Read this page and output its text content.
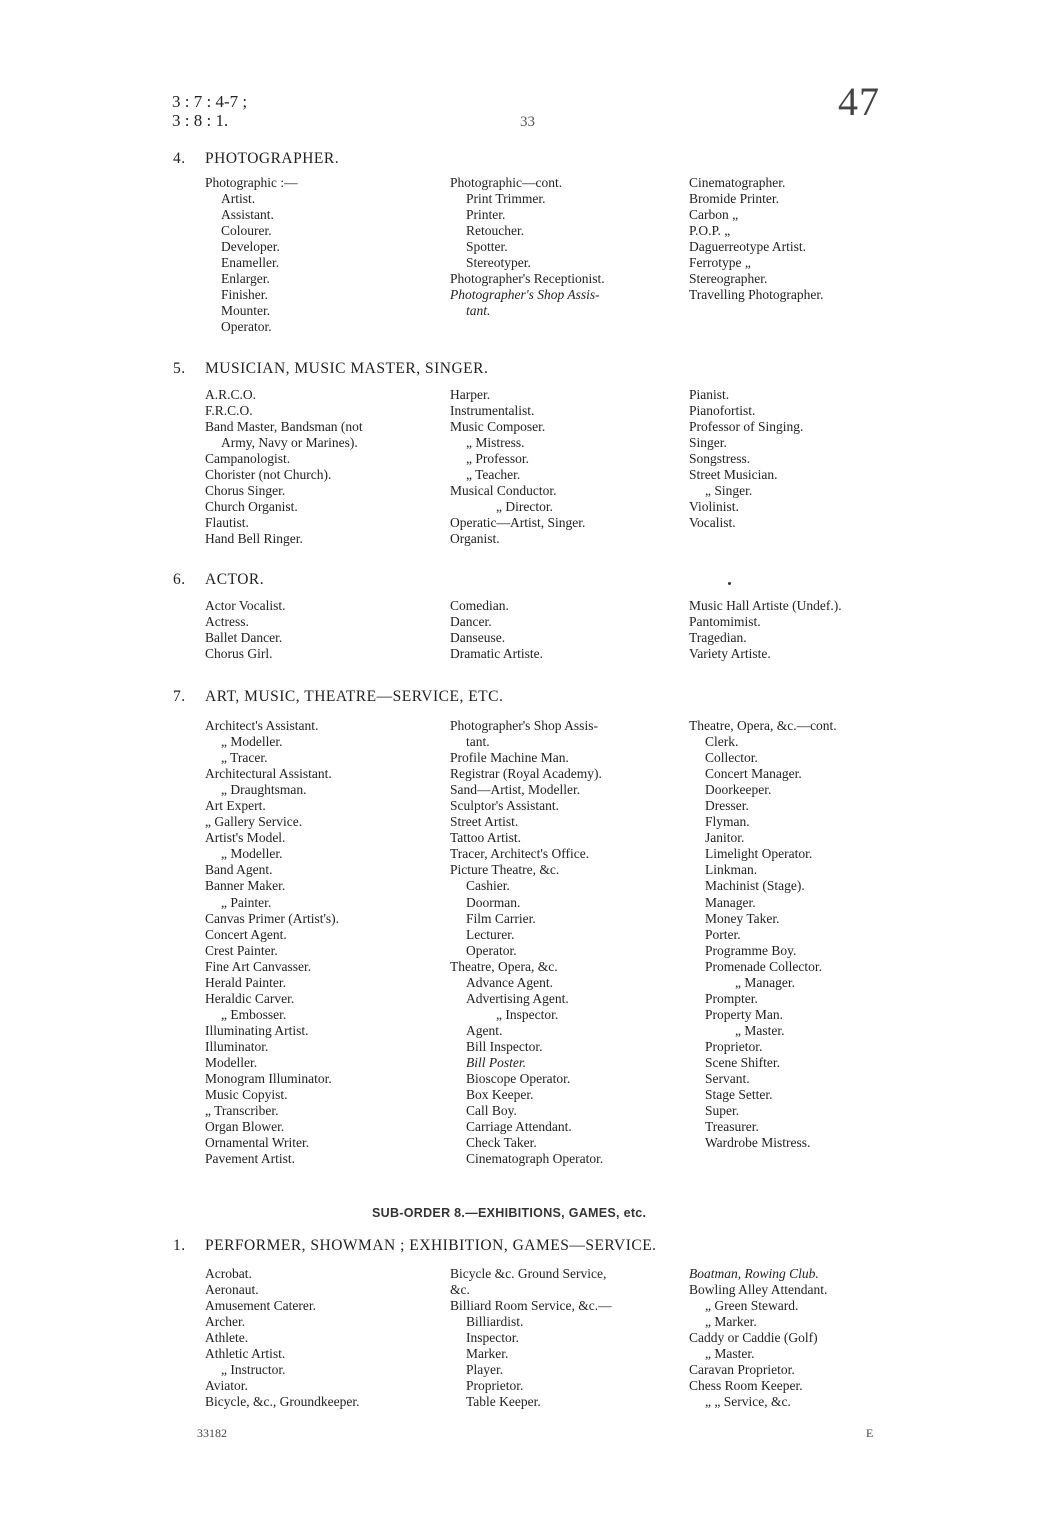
3 : 7 : 4-7 ;
3 : 8 : 1.	33	47
4. PHOTOGRAPHER.
Photographic :—
Artist.
Assistant.
Colourer.
Developer.
Enameller.
Enlarger.
Finisher.
Mounter.
Operator.
Photographic—cont.
Print Trimmer.
Printer.
Retoucher.
Spotter.
Stereotyper.
Photographer's Receptionist.
Photographer's Shop Assis-
tant.
Cinematographer.
Bromide Printer.
Carbon „
P.O.P. „
Daguerreotype Artist.
Ferrotype „
Stereographer.
Travelling Photographer.
5. MUSICIAN, MUSIC MASTER, SINGER.
A.R.C.O.
F.R.C.O.
Band Master, Bandsman (not
Army, Navy or Marines).
Campanologist.
Chorister (not Church).
Chorus Singer.
Church Organist.
Flautist.
Hand Bell Ringer.
Harper.
Instrumentalist.
Music Composer.
„ Mistress.
„ Professor.
„ Teacher.
Musical Conductor.
„ Director.
Operatic—Artist, Singer.
Organist.
Pianist.
Pianofortist.
Professor of Singing.
Singer.
Songstress.
Street Musician.
„ Singer.
Violinist.
Vocalist.
6. ACTOR.
Actor Vocalist.
Actress.
Ballet Dancer.
Chorus Girl.
Comedian.
Dancer.
Danseuse.
Dramatic Artiste.
Music Hall Artiste (Undef.).
Pantomimist.
Tragedian.
Variety Artiste.
7. ART, MUSIC, THEATRE—SERVICE, ETC.
Architect's Assistant.
„ Modeller.
„ Tracer.
Architectural Assistant.
„ Draughtsman.
Art Expert.
„ Gallery Service.
Artist's Model.
„ Modeller.
Band Agent.
Banner Maker.
„ Painter.
Canvas Primer (Artist's).
Concert Agent.
Crest Painter.
Fine Art Canvasser.
Herald Painter.
Heraldic Carver.
„ Embosser.
Illuminating Artist.
Illuminator.
Modeller.
Monogram Illuminator.
Music Copyist.
„ Transcriber.
Organ Blower.
Ornamental Writer.
Pavement Artist.
Photographer's Shop Assis-
tant.
Profile Machine Man.
Registrar (Royal Academy).
Sand—Artist, Modeller.
Sculptor's Assistant.
Street Artist.
Tattoo Artist.
Tracer, Architect's Office.
Picture Theatre, &c.
Cashier.
Doorman.
Film Carrier.
Lecturer.
Operator.
Theatre, Opera, &c.
Advance Agent.
Advertising Agent.
„ Inspector.
Agent.
Bill Inspector.
Bill Poster.
Bioscope Operator.
Box Keeper.
Call Boy.
Carriage Attendant.
Check Taker.
Cinematograph Operator.
Theatre, Opera, &c.—cont.
Clerk.
Collector.
Concert Manager.
Doorkeeper.
Dresser.
Flyman.
Janitor.
Limelight Operator.
Linkman.
Machinist (Stage).
Manager.
Money Taker.
Porter.
Programme Boy.
Promenade Collector.
„ Manager.
Prompter.
Property Man.
„ Master.
Proprietor.
Scene Shifter.
Servant.
Stage Setter.
Super.
Treasurer.
Wardrobe Mistress.
SUB-ORDER 8.—EXHIBITIONS, GAMES, etc.
1. PERFORMER, SHOWMAN ; EXHIBITION, GAMES—SERVICE.
Acrobat.
Aeronaut.
Amusement Caterer.
Archer.
Athlete.
Athletic Artist.
„ Instructor.
Aviator.
Bicycle, &c., Groundkeeper.
Bicycle &c. Ground Service,
&c.
Billiard Room Service, &c.—
Billiardist.
Inspector.
Marker.
Player.
Proprietor.
Table Keeper.
Boatman, Rowing Club.
Bowling Alley Attendant.
„ Green Steward.
„ Marker.
Caddy or Caddie (Golf)
„ Master.
Caravan Proprietor.
Chess Room Keeper.
„ „ Service, &c.
33182	E
